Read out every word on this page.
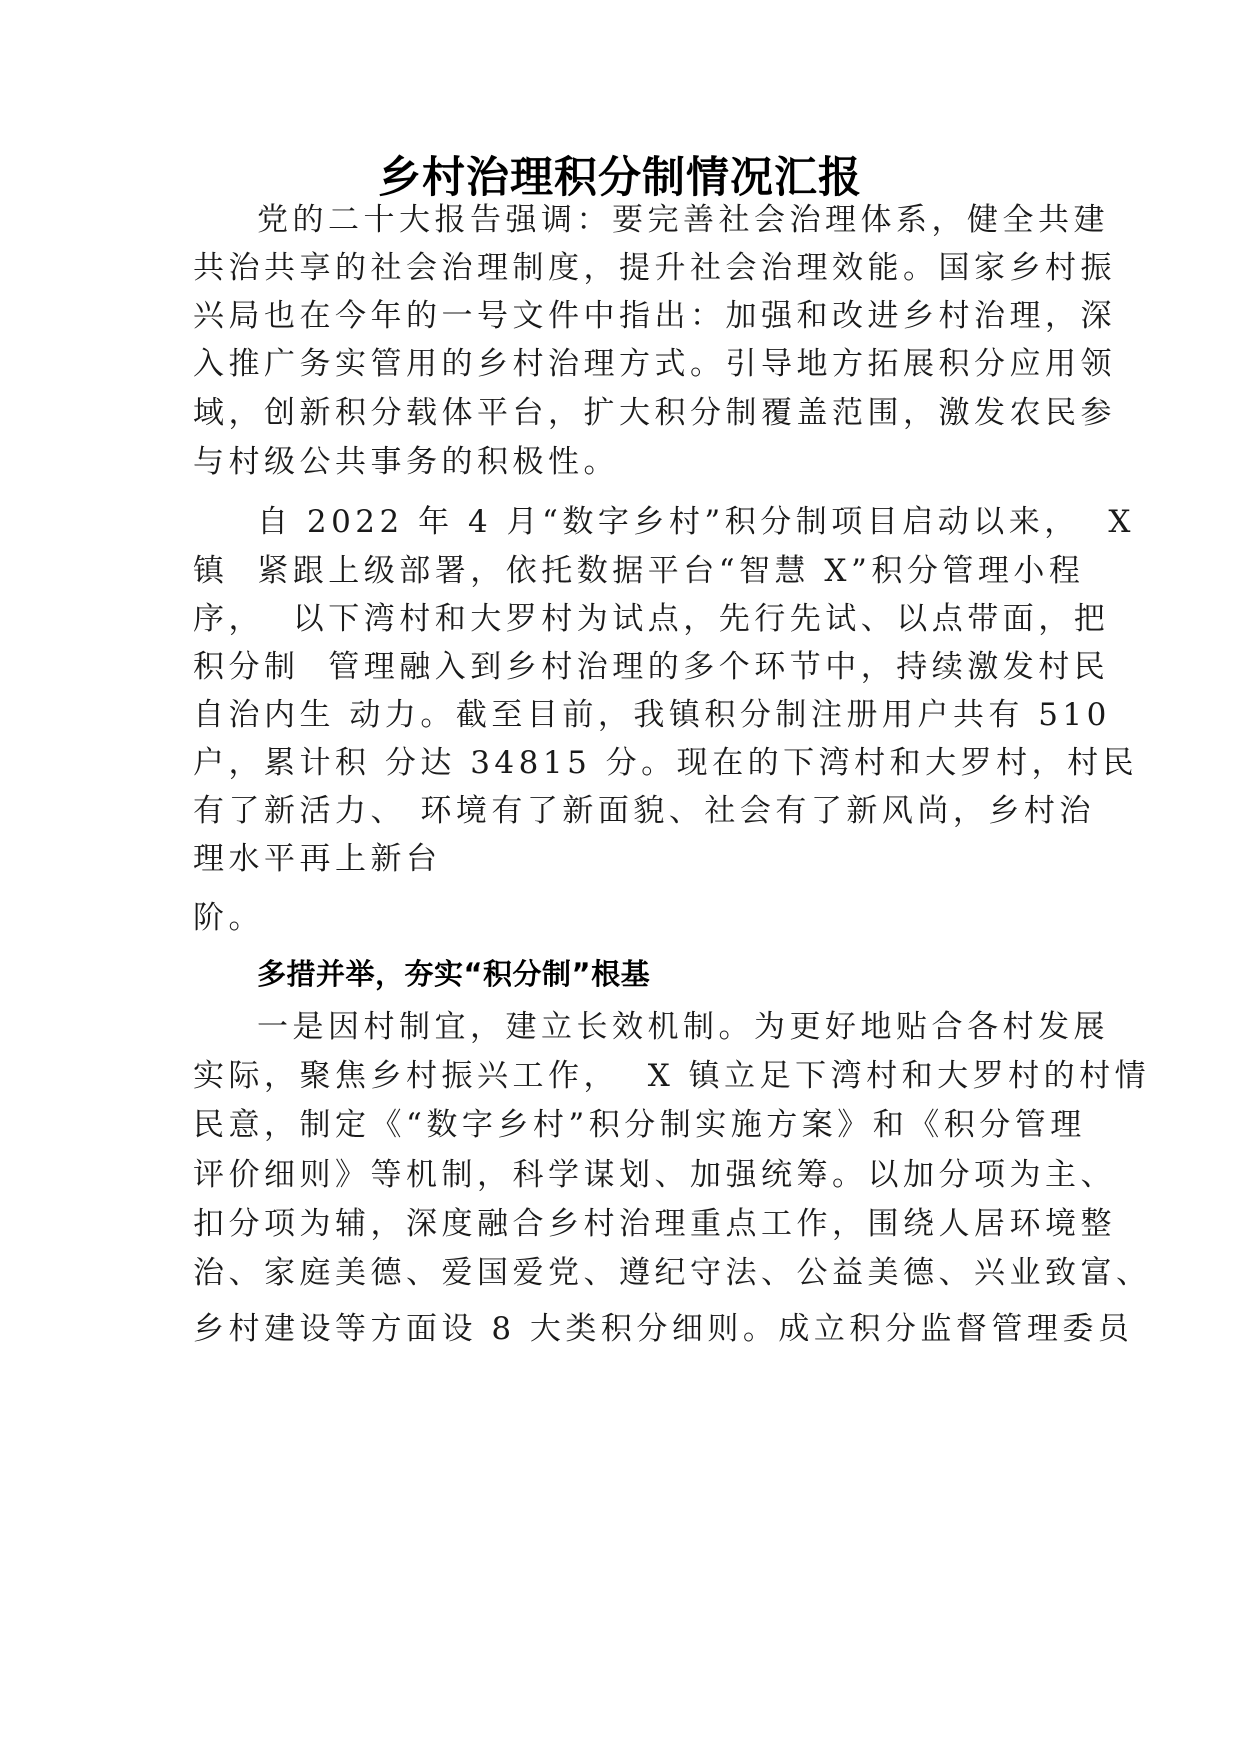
乡村治理积分制情况汇报
党的二十大报告强调：要完善社会治理体系，健全共建
共治共享的社会治理制度，提升社会治理效能。国家乡村振
兴局也在今年的一号文件中指出：加强和改进乡村治理，深
入推广务实管用的乡村治理方式。引导地方拓展积分应用领
域，创新积分载体平台，扩大积分制覆盖范围，激发农民参
与村级公共事务的积极性。
自 2022 年 4 月“数字乡村”积分制项目启动以来，  X
镇  紧跟上级部署，依托数据平台“智慧 X”积分管理小程
序，  以下湾村和大罗村为试点，先行先试、以点带面，把
积分制  管理融入到乡村治理的多个环节中，持续激发村民
自治内生 动力。截至目前，我镇积分制注册用户共有 510
户，累计积 分达 34815 分。现在的下湾村和大罗村，村民
有了新活力、 环境有了新面貌、社会有了新风尚，乡村治
理水平再上新台
阶。
多措并举，夯实“积分制”根基
一是因村制宜，建立长效机制。为更好地贴合各村发展
实际，聚焦乡村振兴工作，  X 镇立足下湾村和大罗村的村情
民意，制定《“数字乡村”积分制实施方案》和《积分管理
评价细则》等机制，科学谋划、加强统筹。以加分项为主、
扣分项为辅，深度融合乡村治理重点工作，围绕人居环境整
治、家庭美德、爱国爱党、遵纪守法、公益美德、兴业致富、
乡村建设等方面设 8 大类积分细则。成立积分监督管理委员
